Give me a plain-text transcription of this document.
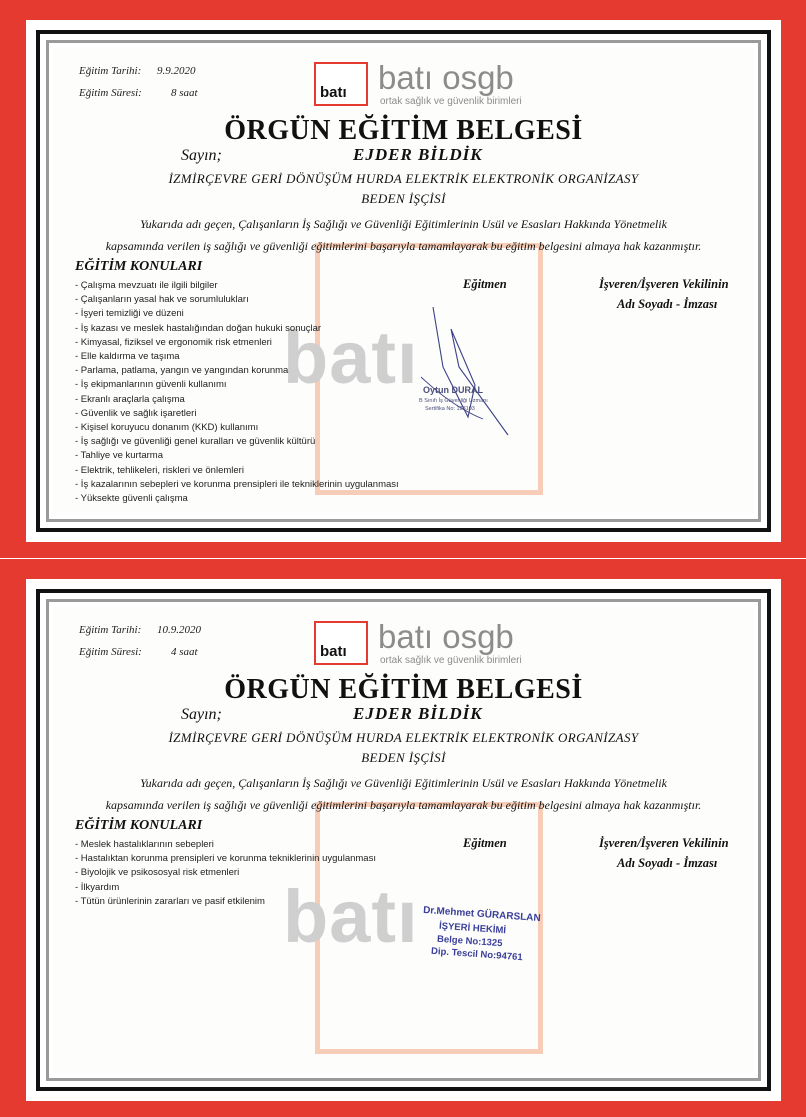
batı
Eğitim Tarihi: 9.9.2020
Eğitim Süresi:	8 saat	batı batı osgb
ortak sağlık ve güvenlik birimleri
ÖRGÜN EĞİTİM BELGESİ
Sayın;	EJDER BİLDİK
İZMİRÇEVRE GERİ DÖNÜŞÜM HURDA ELEKTRİK ELEKTRONİK ORGANİZASY
BEDEN İŞÇİSİ
Yukarıda adı geçen, Çalışanların İş Sağlığı ve Güvenliği Eğitimlerinin Usül ve Esasları Hakkında Yönetmelik
kapsamında verilen iş sağlığı ve güvenliği eğitimlerini başarıyla tamamlayarak bu eğitim belgesini almaya hak kazanmıştır.
EĞİTİM KONULARI
- Çalışma mevzuatı ile ilgili bilgiler
- Çalışanların yasal hak ve sorumlulukları
- İşyeri temizliği ve düzeni
- İş kazası ve meslek hastalığından doğan hukuki sonuçlar
- Kimyasal, fiziksel ve ergonomik risk etmenleri
- Elle kaldırma ve taşıma
- Parlama, patlama, yangın ve yangından korunma
- İş ekipmanlarının güvenli kullanımı
- Ekranlı araçlarla çalışma
- Güvenlik ve sağlık işaretleri
- Kişisel koruyucu donanım (KKD) kullanımı
- İş sağlığı ve güvenliği genel kuralları ve güvenlik kültürü
- Tahliye ve kurtarma
- Elektrik, tehlikeleri, riskleri ve önlemleri
- İş kazalarının sebepleri ve korunma prensipleri ile tekniklerinin uygulanması
- Yüksekte güvenli çalışma
Eğitmen	İşveren/İşveren Vekilinin
Adı Soyadı - İmzası
Oytun DURAL
B Sınıfı İş Güvenliği Uzmanı
Sertifika No: 128103
batı
Eğitim Tarihi: 10.9.2020
Eğitim Süresi:	4 saat	batı batı osgb
ortak sağlık ve güvenlik birimleri
ÖRGÜN EĞİTİM BELGESİ
Sayın;	EJDER BİLDİK
İZMİRÇEVRE GERİ DÖNÜŞÜM HURDA ELEKTRİK ELEKTRONİK ORGANİZASY
BEDEN İŞÇİSİ
Yukarıda adı geçen, Çalışanların İş Sağlığı ve Güvenliği Eğitimlerinin Usül ve Esasları Hakkında Yönetmelik
kapsamında verilen iş sağlığı ve güvenliği eğitimlerini başarıyla tamamlayarak bu eğitim belgesini almaya hak kazanmıştır.
EĞİTİM KONULARI
- Meslek hastalıklarının sebepleri
- Hastalıktan korunma prensipleri ve korunma tekniklerinin uygulanması
- Biyolojik ve psikososyal risk etmenleri
- İlkyardım
- Tütün ürünlerinin zararları ve pasif etkilenim
Eğitmen	İşveren/İşveren Vekilinin
Adı Soyadı - İmzası
Dr.Mehmet GÜRARSLAN
İŞYERİ HEKİMİ
Belge No:1325
Dip. Tescil No:94761
